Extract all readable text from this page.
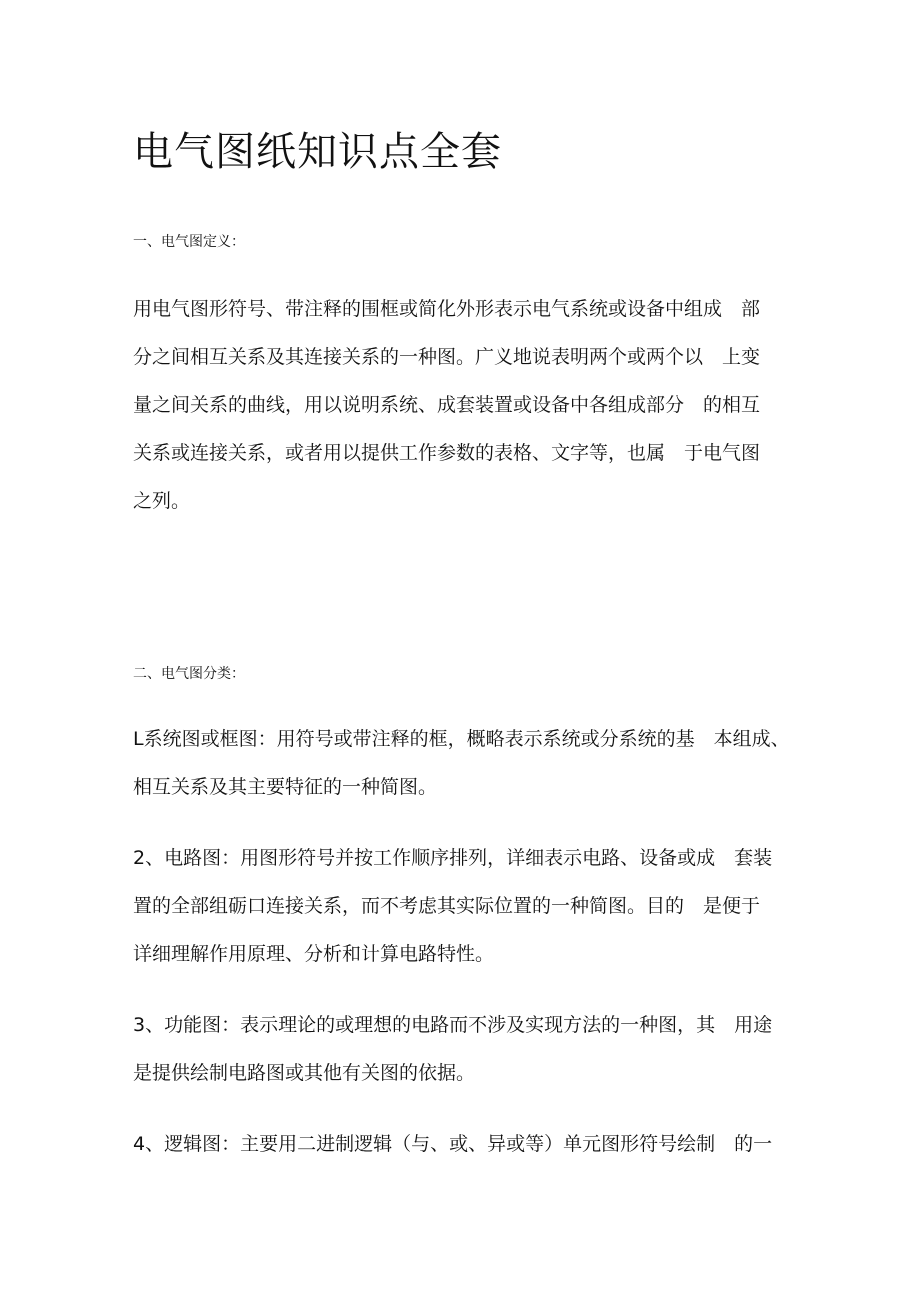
电气图纸知识点全套
一、电气图定义：

用电气图形符号、带注释的围框或简化外形表示电气系统或设备中组成　部
分之间相互关系及其连接关系的一种图。广义地说表明两个或两个以　上变
量之间关系的曲线，用以说明系统、成套装置或设备中各组成部分　的相互
关系或连接关系，或者用以提供工作参数的表格、文字等，也属　于电气图
之列。

二、电气图分类：

L系统图或框图：用符号或带注释的框，概略表示系统或分系统的基　本组成、
相互关系及其主要特征的一种简图。

2、电路图：用图形符号并按工作顺序排列，详细表示电路、设备或成　套装
置的全部组砺口连接关系，而不考虑其实际位置的一种简图。目的　是便于
详细理解作用原理、分析和计算电路特性。

3、功能图：表示理论的或理想的电路而不涉及实现方法的一种图，其　用途
是提供绘制电路图或其他有关图的依据。

4、逻辑图：主要用二进制逻辑（与、或、异或等）单元图形符号绘制　的一
